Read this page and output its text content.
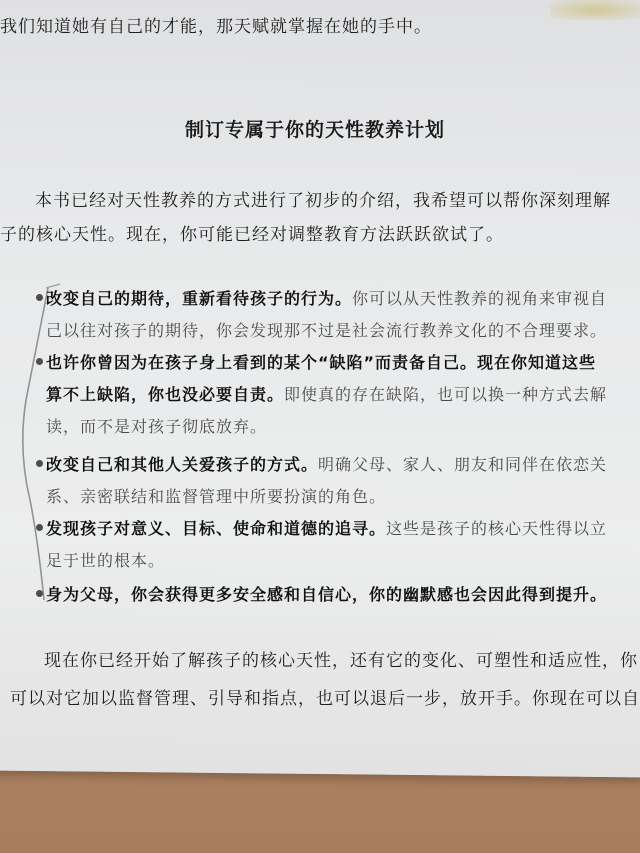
我们知道她有自己的才能，那天赋就掌握在她的手中。
制订专属于你的天性教养计划
本书已经对天性教养的方式进行了初步的介绍，我希望可以帮你深刻理解
子的核心天性。现在，你可能已经对调整教育方法跃跃欲试了。
改变自己的期待，重新看待孩子的行为。你可以从天性教养的视角来审视自
己以往对孩子的期待，你会发现那不过是社会流行教养文化的不合理要求。
也许你曾因为在孩子身上看到的某个“缺陷”而责备自己。现在你知道这些
算不上缺陷，你也没必要自责。即使真的存在缺陷，也可以换一种方式去解
读，而不是对孩子彻底放弃。
改变自己和其他人关爱孩子的方式。明确父母、家人、朋友和同伴在依恋关
系、亲密联结和监督管理中所要扮演的角色。
发现孩子对意义、目标、使命和道德的追寻。这些是孩子的核心天性得以立
足于世的根本。
身为父母，你会获得更多安全感和自信心，你的幽默感也会因此得到提升。
现在你已经开始了解孩子的核心天性，还有它的变化、可塑性和适应性，你
可以对它加以监督管理、引导和指点，也可以退后一步，放开手。你现在可以自
